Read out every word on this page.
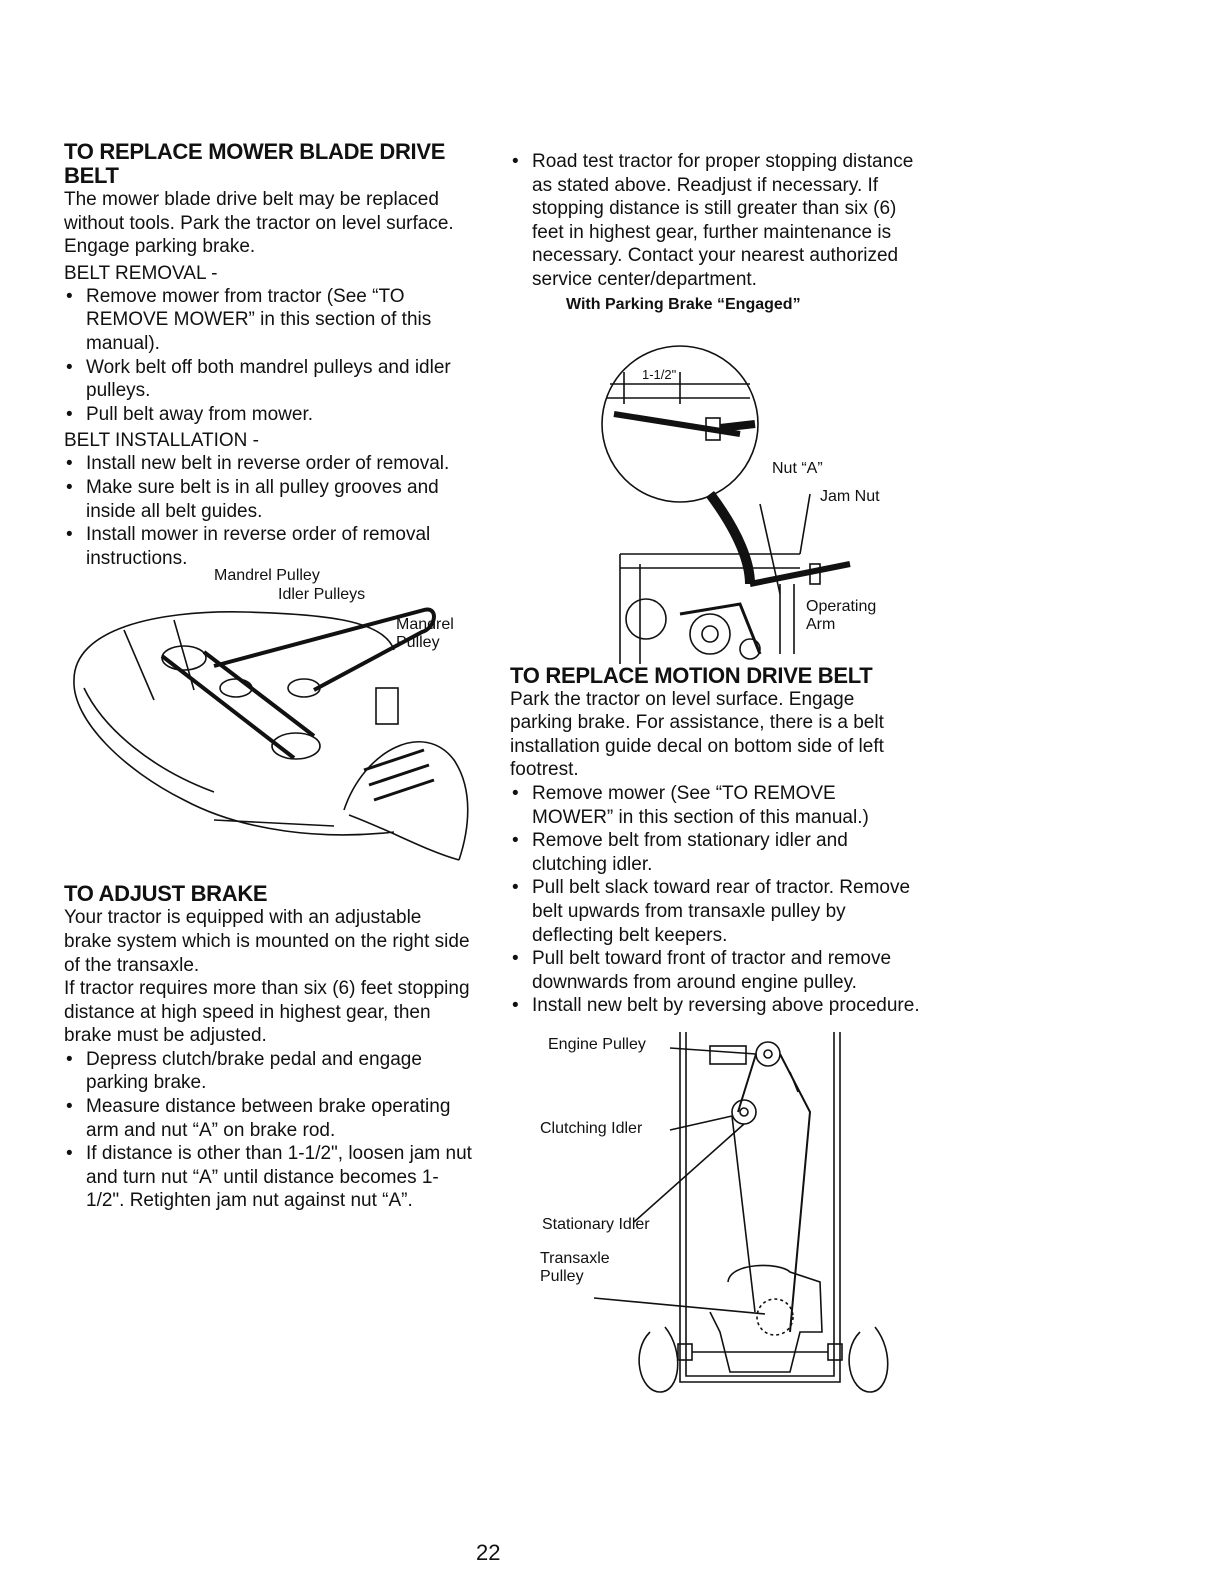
TO REPLACE MOWER BLADE DRIVE BELT

The mower blade drive belt may be replaced without tools. Park the tractor on level surface. Engage parking brake.

BELT REMOVAL -
• Remove mower from tractor (See “TO REMOVE MOWER” in this section of this manual).
• Work belt off both mandrel pulleys and idler pulleys.
• Pull belt away from mower.
BELT INSTALLATION -
• Install new belt in reverse order of removal.
• Make sure belt is in all pulley grooves and inside all belt guides.
• Install mower in reverse order of removal instructions.
Mandrel Pulley
Idler Pulleys
Mandrel Pulley
TO ADJUST BRAKE

Your tractor is equipped with an adjustable brake system which is mounted on the right side of the transaxle.

If tractor requires more than six (6) feet stopping distance at high speed in highest gear, then brake must be adjusted.

• Depress clutch/brake pedal and engage parking brake.
• Measure distance between brake operating arm and nut “A” on brake rod.
• If distance is other than 1-1/2", loosen jam nut and turn nut “A” until distance becomes 1-1/2". Retighten jam nut against nut “A”.
• Road test tractor for proper stopping distance as stated above. Readjust if necessary. If stopping distance is still greater than six (6) feet in highest gear, further maintenance is necessary. Contact your nearest authorized service center/department.
With Parking Brake “Engaged”
1-1/2"
Nut “A”
Jam Nut
Operating Arm
TO REPLACE MOTION DRIVE BELT

Park the tractor on level surface. Engage parking brake. For assistance, there is a belt installation guide decal on bottom side of left footrest.

• Remove mower (See “TO REMOVE MOWER” in this section of this manual.)
• Remove belt from stationary idler and clutching idler.
• Pull belt slack toward rear of tractor. Remove belt upwards from transaxle pulley by deflecting belt keepers.
• Pull belt toward front of tractor and remove downwards from around engine pulley.
• Install new belt by reversing above procedure.
Engine Pulley
Clutching Idler
Stationary Idler
Transaxle Pulley
22
